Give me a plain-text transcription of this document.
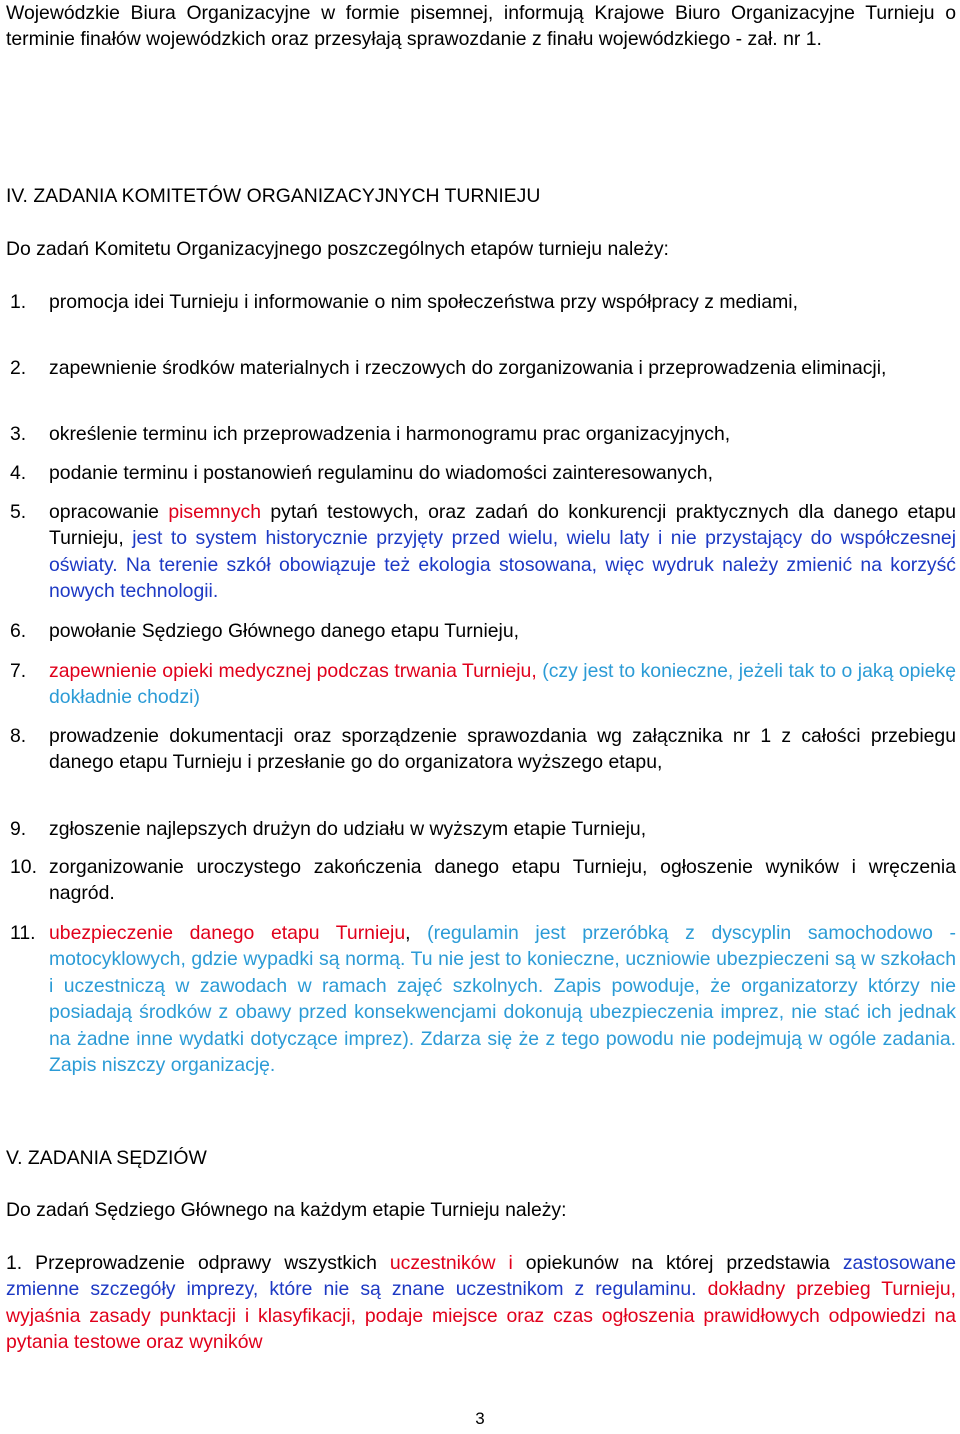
Wojewódzkie Biura Organizacyjne w formie pisemnej, informują Krajowe Biuro Organizacyjne Turnieju o terminie finałów wojewódzkich oraz przesyłają sprawozdanie z finału wojewódzkiego - zał. nr 1.
IV. ZADANIA KOMITETÓW ORGANIZACYJNYCH TURNIEJU
Do zadań Komitetu Organizacyjnego poszczególnych etapów turnieju należy:
1. promocja idei Turnieju i informowanie o nim społeczeństwa przy współpracy z mediami,
2. zapewnienie środków materialnych i rzeczowych do zorganizowania i przeprowadzenia eliminacji,
3. określenie terminu ich przeprowadzenia i harmonogramu prac organizacyjnych,
4. podanie terminu i postanowień regulaminu do wiadomości zainteresowanych,
5. opracowanie pisemnych pytań testowych, oraz zadań do konkurencji praktycznych dla danego etapu Turnieju, jest to system historycznie przyjęty przed wielu, wielu laty i nie przystający do współczesnej oświaty. Na terenie szkół obowiązuje też ekologia stosowana, więc wydruk należy zmienić na korzyść nowych technologii.
6. powołanie Sędziego Głównego danego etapu Turnieju,
7. zapewnienie opieki medycznej podczas trwania Turnieju, (czy jest to konieczne, jeżeli tak to o jaką opiekę dokładnie chodzi)
8. prowadzenie dokumentacji oraz sporządzenie sprawozdania wg załącznika nr 1 z całości przebiegu danego etapu Turnieju i przesłanie go do organizatora wyższego etapu,
9. zgłoszenie najlepszych drużyn do udziału w wyższym etapie Turnieju,
10. zorganizowanie uroczystego zakończenia danego etapu Turnieju, ogłoszenie wyników i wręczenia nagród.
11. ubezpieczenie danego etapu Turnieju, (regulamin jest przeróbką z dyscyplin samochodowo - motocyklowych, gdzie wypadki są normą. Tu nie jest to konieczne, uczniowie ubezpieczeni są w szkołach i uczestniczą w zawodach w ramach zajęć szkolnych. Zapis powoduje, że organizatorzy którzy nie posiadają środków z obawy przed konsekwencjami dokonują ubezpieczenia imprez, nie stać ich jednak na żadne inne wydatki dotyczące imprez). Zdarza się że z tego powodu nie podejmują w ogóle zadania. Zapis niszczy organizację.
V. ZADANIA SĘDZIÓW
Do zadań Sędziego Głównego na każdym etapie Turnieju należy:
1. Przeprowadzenie odprawy wszystkich uczestników i opiekunów na której przedstawia zastosowane zmienne szczegóły imprezy, które nie są znane uczestnikom z regulaminu. dokładny przebieg Turnieju, wyjaśnia zasady punktacji i klasyfikacji, podaje miejsce oraz czas ogłoszenia prawidłowych odpowiedzi na pytania testowe oraz wyników
3
